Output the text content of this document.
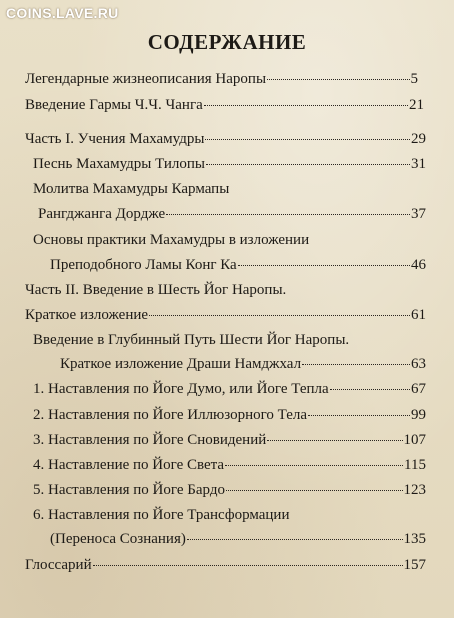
COINS.LAVE.RU
СОДЕРЖАНИЕ
Легендарные жизнеописания Наропы	5
Введение Гармы Ч.Ч. Чанга	21
Часть I. Учения Махамудры	29
Песнь Махамудры Тилопы	31
Молитва Махамудры Кармапы
Рангджанга Дордже	37
Основы практики Махамудры в изложении
Преподобного Ламы Конг Ка	46
Часть II. Введение в Шесть Йог Наропы.
Краткое изложение	61
Введение в Глубинный Путь Шести Йог Наропы.
Краткое изложение Драши Намджхал	63
1. Наставления по Йоге Думо, или Йоге Тепла	67
2. Наставления по Йоге Иллюзорного Тела	99
3. Наставления по Йоге Сновидений	107
4. Наставление по Йоге Света	115
5. Наставления по Йоге Бардо	123
6. Наставления по Йоге Трансформации
(Переноса Сознания)	135
Глоссарий	157
